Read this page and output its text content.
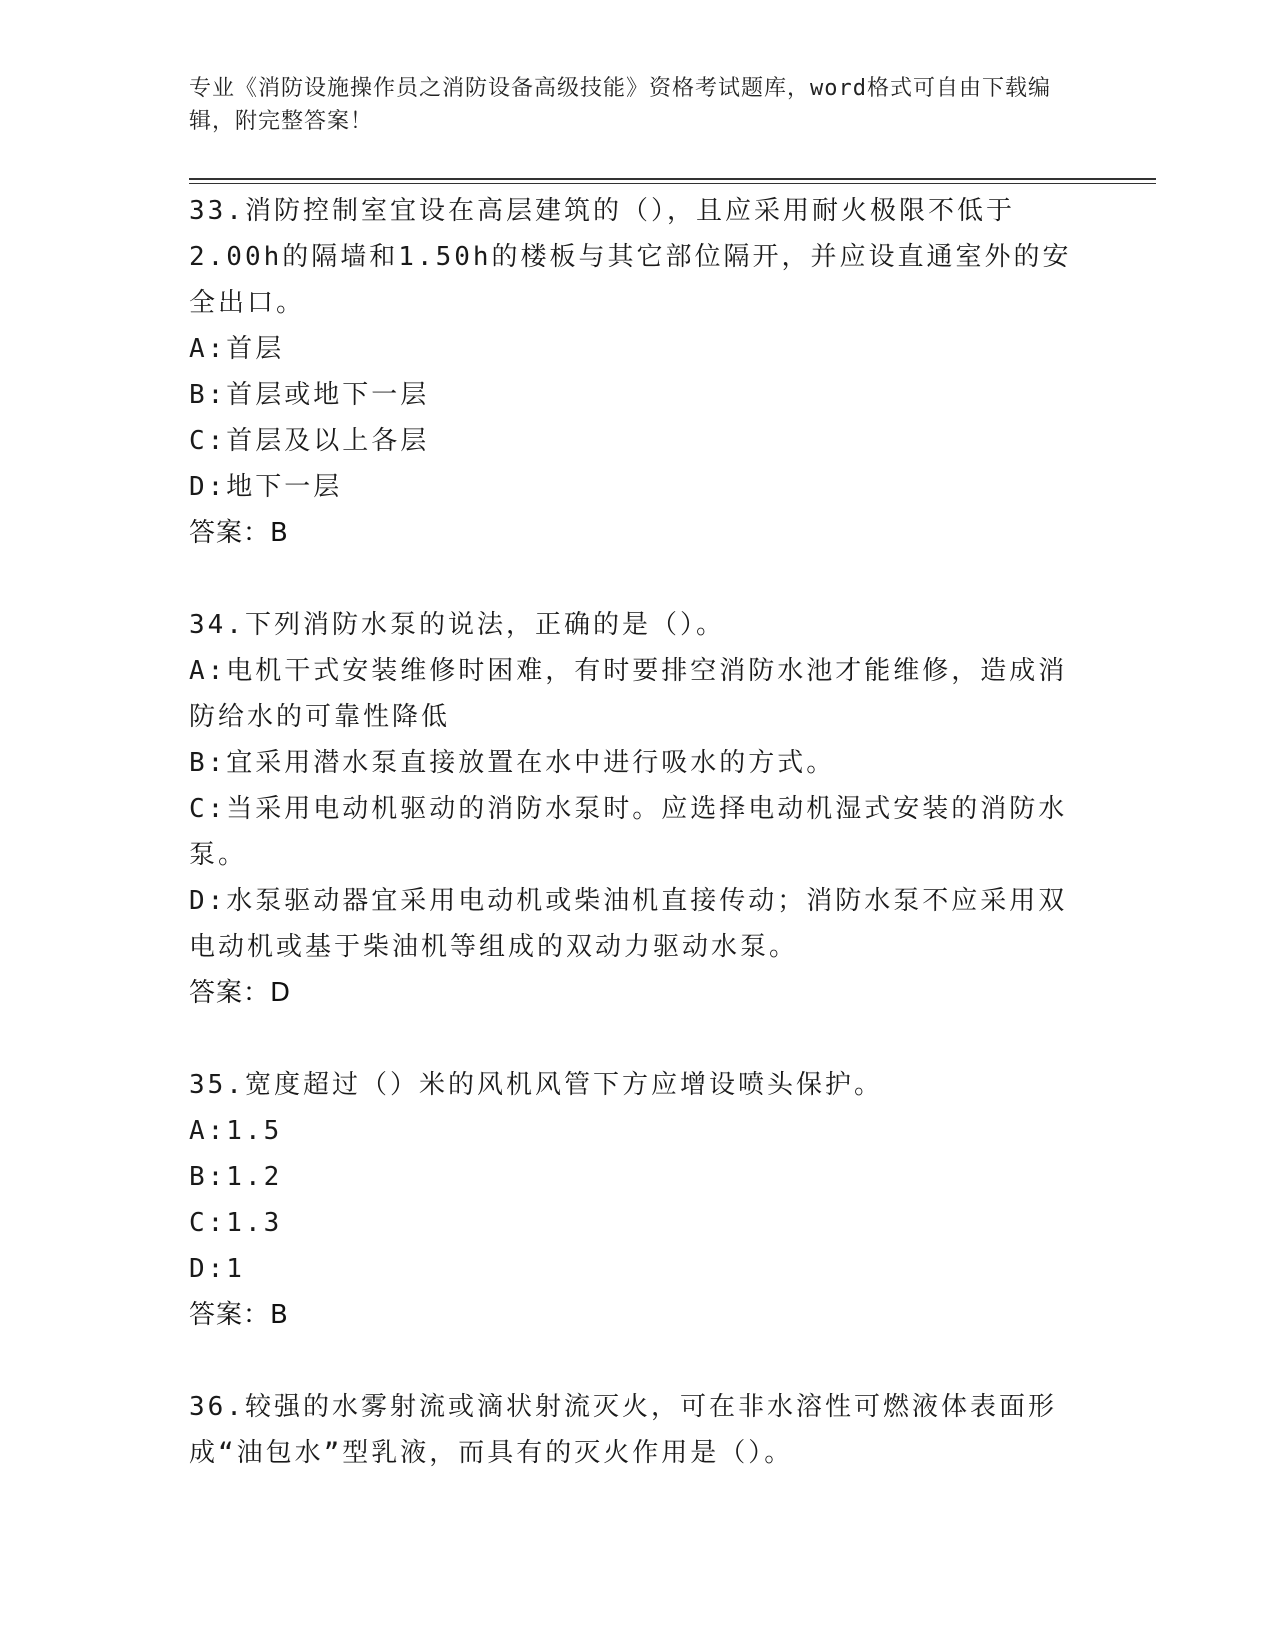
专业《消防设施操作员之消防设备高级技能》资格考试题库，word格式可自由下载编辑，附完整答案！
33.消防控制室宜设在高层建筑的（），且应采用耐火极限不低于2.00h的隔墙和1.50h的楼板与其它部位隔开，并应设直通室外的安全出口。
A:首层
B:首层或地下一层
C:首层及以上各层
D:地下一层
答案：B
34.下列消防水泵的说法，正确的是（）。
A:电机干式安装维修时困难，有时要排空消防水池才能维修，造成消防给水的可靠性降低
B:宜采用潜水泵直接放置在水中进行吸水的方式。
C:当采用电动机驱动的消防水泵时。应选择电动机湿式安装的消防水泵。
D:水泵驱动器宜采用电动机或柴油机直接传动；消防水泵不应采用双电动机或基于柴油机等组成的双动力驱动水泵。
答案：D
35.宽度超过（）米的风机风管下方应增设喷头保护。
A:1.5
B:1.2
C:1.3
D:1
答案：B
36.较强的水雾射流或滴状射流灭火，可在非水溶性可燃液体表面形成“油包水”型乳液，而具有的灭火作用是（）。
